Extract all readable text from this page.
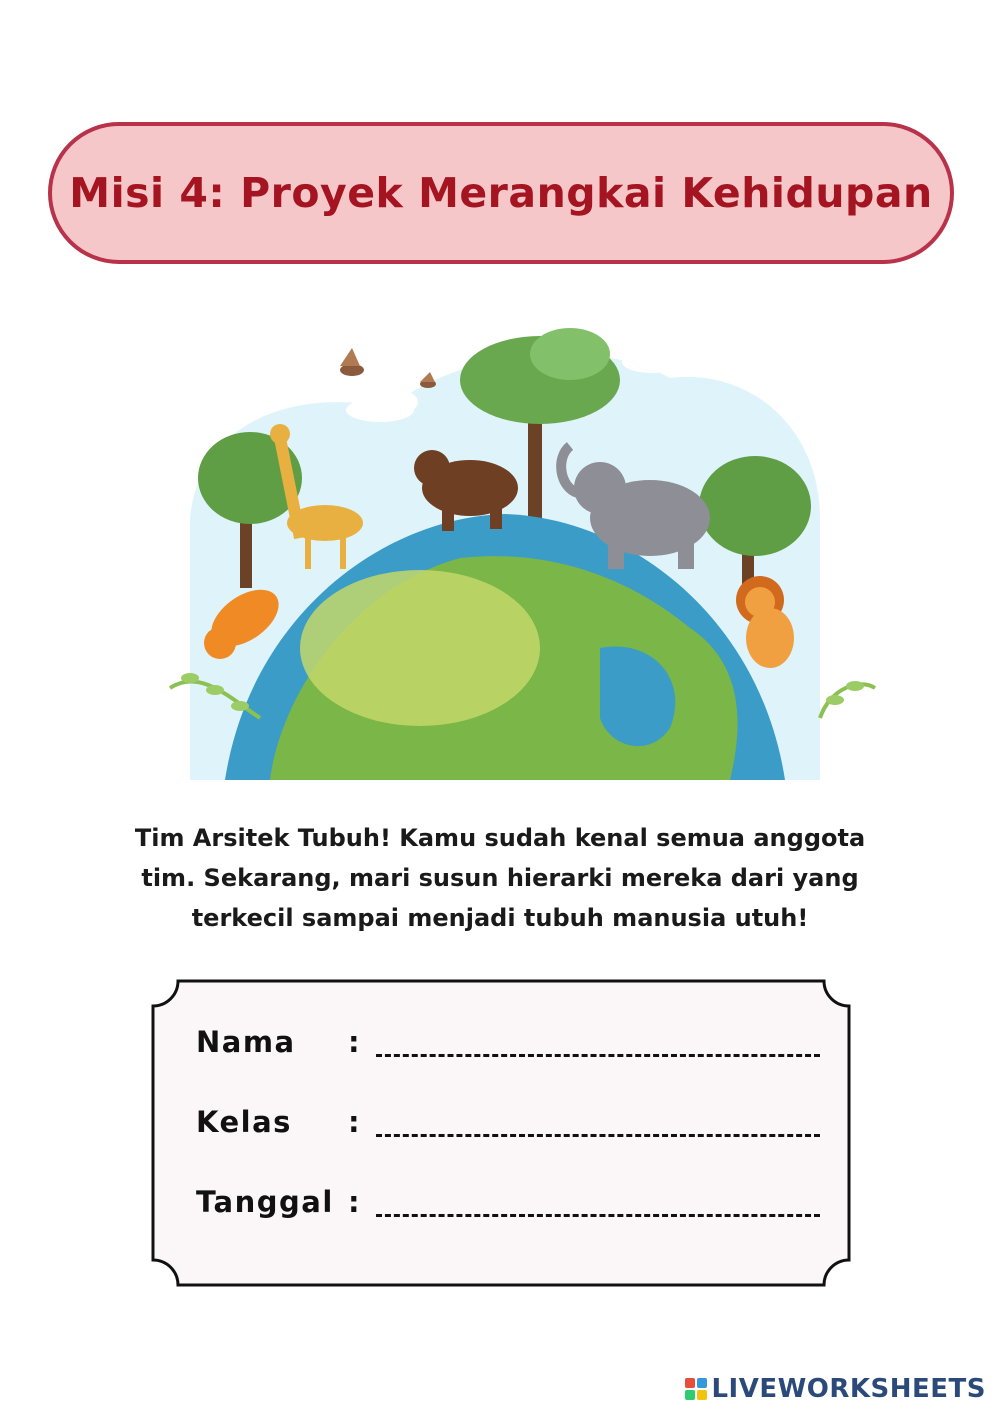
Misi 4: Proyek Merangkai Kehidupan
Tim Arsitek Tubuh! Kamu sudah kenal semua anggota
tim. Sekarang, mari susun hierarki mereka dari yang
terkecil sampai menjadi tubuh manusia utuh!
Nama	:
Kelas	:
Tanggal :
LIVEWORKSHEETS
